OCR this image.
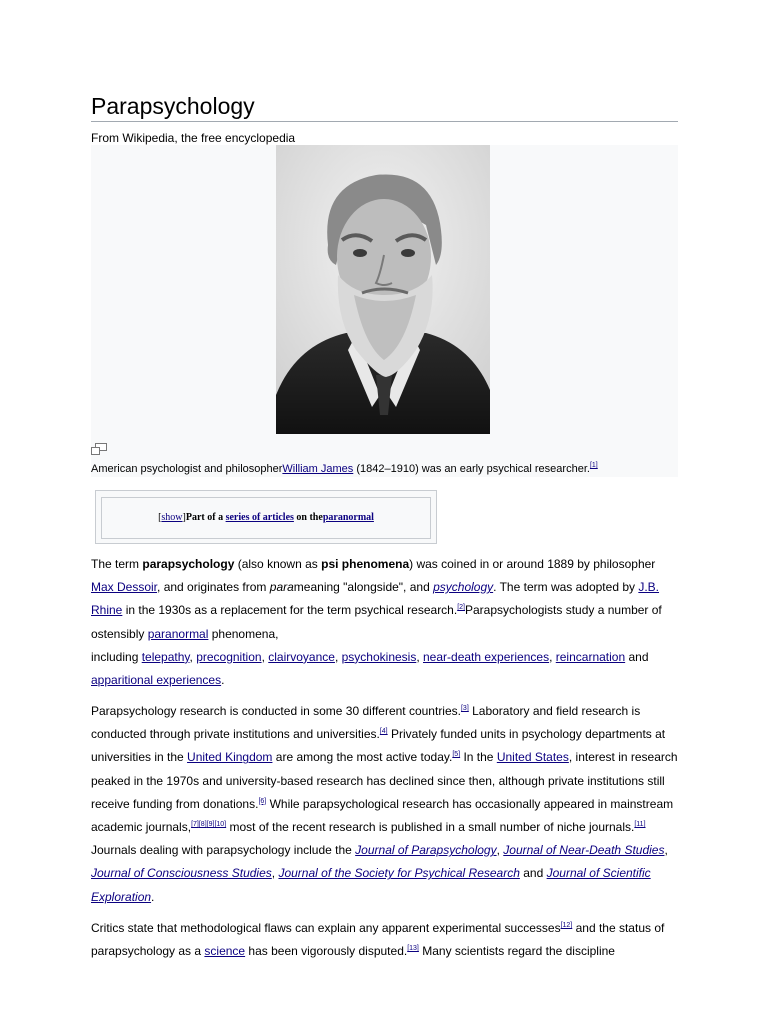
Parapsychology
From Wikipedia, the free encyclopedia
American psychologist and philosopherWilliam James (1842–1910) was an early psychical researcher.[1]
[show]Part of a series of articles on theparanormal

The term parapsychology (also known as psi phenomena) was coined in or around 1889 by philosopher Max Dessoir, and originates from parameaning "alongside", and psychology. The term was adopted by J.B. Rhine in the 1930s as a replacement for the term psychical research.[2]Parapsychologists study a number of ostensibly paranormal phenomena,
including telepathy, precognition, clairvoyance, psychokinesis, near-death experiences, reincarnation and apparitional experiences.

Parapsychology research is conducted in some 30 different countries.[3] Laboratory and field research is conducted through private institutions and universities.[4] Privately funded units in psychology departments at universities in the United Kingdom are among the most active today.[5] In the United States, interest in research peaked in the 1970s and university-based research has declined since then, although private institutions still receive funding from donations.[6] While parapsychological research has occasionally appeared in mainstream academic journals,[7][8][9][10] most of the recent research is published in a small number of niche journals.[11] Journals dealing with parapsychology include the Journal of Parapsychology, Journal of Near-Death Studies, Journal of Consciousness Studies, Journal of the Society for Psychical Research and Journal of Scientific Exploration.

Critics state that methodological flaws can explain any apparent experimental successes[12] and the status of parapsychology as a science has been vigorously disputed.[13] Many scientists regard the discipline
